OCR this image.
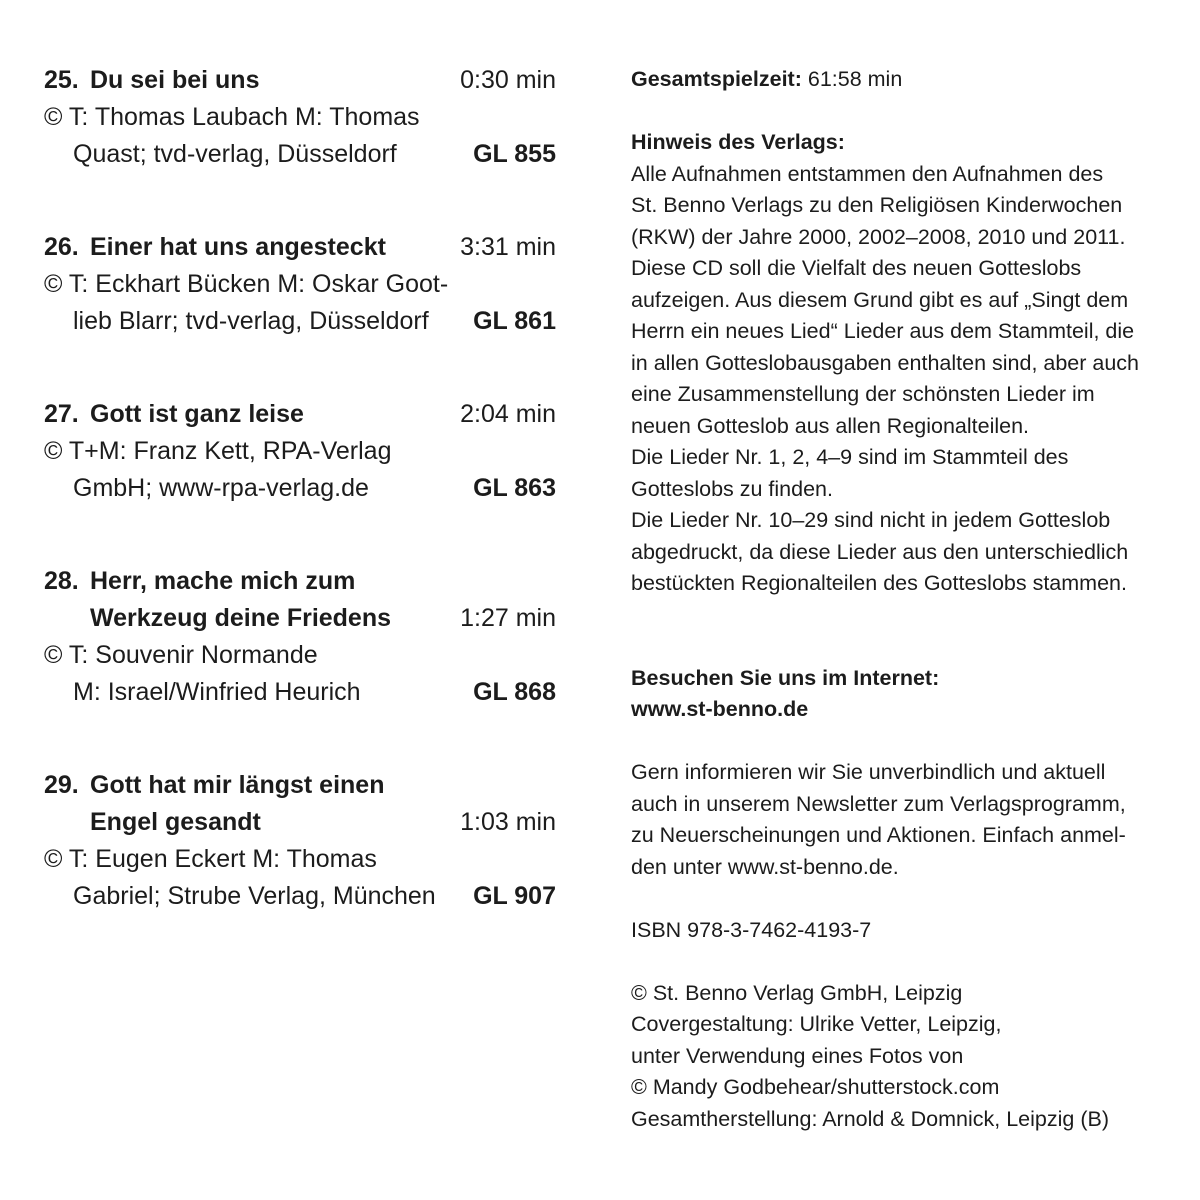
25. Du sei bei uns	0:30 min
© T: Thomas Laubach M: Thomas
Quast; tvd-verlag, Düsseldorf	GL 855
26. Einer hat uns angesteckt	3:31 min
© T: Eckhart Bücken M: Oskar Goot-
lieb Blarr; tvd-verlag, Düsseldorf GL 861
27. Gott ist ganz leise	2:04 min
© T+M: Franz Kett, RPA-Verlag
GmbH; www-rpa-verlag.de	GL 863
28. Herr, mache mich zum
Werkzeug deine Friedens	1:27 min
© T: Souvenir Normande
M: Israel/Winfried Heurich	GL 868
29. Gott hat mir längst einen
Engel gesandt	1:03 min
© T: Eugen Eckert M: Thomas
Gabriel; Strube Verlag, München GL 907
Gesamtspielzeit: 61:58 min
Hinweis des Verlags:
Alle Aufnahmen entstammen den Aufnahmen des
St. Benno Verlags zu den Religiösen Kinderwochen
(RKW) der Jahre 2000, 2002–2008, 2010 und 2011.
Diese CD soll die Vielfalt des neuen Gotteslobs
aufzeigen. Aus diesem Grund gibt es auf „Singt dem
Herrn ein neues Lied“ Lieder aus dem Stammteil, die
in allen Gotteslobausgaben enthalten sind, aber auch
eine Zusammenstellung der schönsten Lieder im
neuen Gotteslob aus allen Regionalteilen.
Die Lieder Nr. 1, 2, 4–9 sind im Stammteil des
Gotteslobs zu finden.
Die Lieder Nr. 10–29 sind nicht in jedem Gotteslob
abgedruckt, da diese Lieder aus den unterschiedlich
bestückten Regionalteilen des Gotteslobs stammen.
Besuchen Sie uns im Internet:
www.st-benno.de
Gern informieren wir Sie unverbindlich und aktuell
auch in unserem Newsletter zum Verlagsprogramm,
zu Neuerscheinungen und Aktionen. Einfach anmel-
den unter www.st-benno.de.
ISBN 978-3-7462-4193-7
© St. Benno Verlag GmbH, Leipzig
Covergestaltung: Ulrike Vetter, Leipzig,
unter Verwendung eines Fotos von
© Mandy Godbehear/shutterstock.com
Gesamtherstellung: Arnold & Domnick, Leipzig (B)
